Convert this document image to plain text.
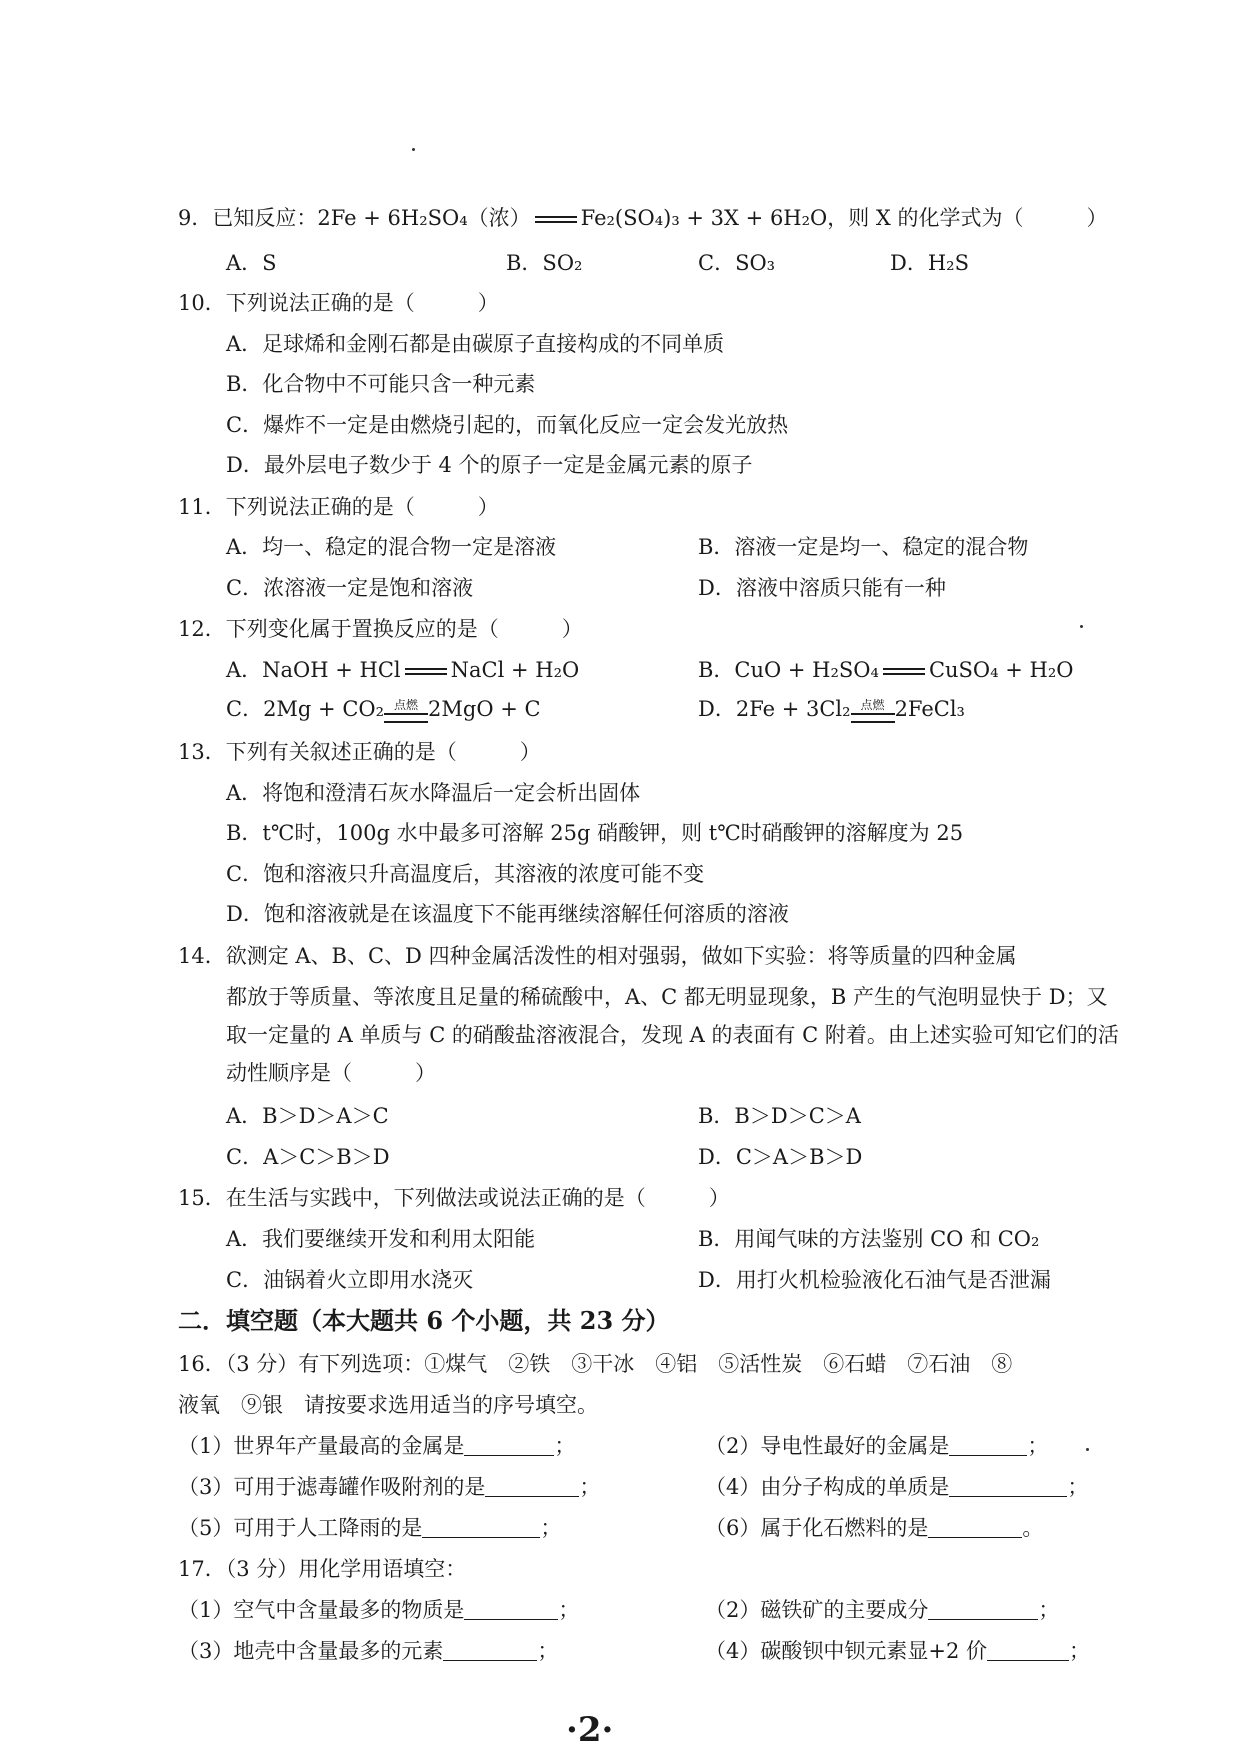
9．已知反应：2Fe + 6H₂SO₄（浓） Fe₂(SO₄)₃ + 3X + 6H₂O，则 X 的化学式为（　　　）
A．S	B．SO₂	C．SO₃	D．H₂S
10．下列说法正确的是（　　　）
A．足球烯和金刚石都是由碳原子直接构成的不同单质
B．化合物中不可能只含一种元素
C．爆炸不一定是由燃烧引起的，而氧化反应一定会发光放热
D．最外层电子数少于 4 个的原子一定是金属元素的原子
11．下列说法正确的是（　　　）
A．均一、稳定的混合物一定是溶液	B．溶液一定是均一、稳定的混合物
C．浓溶液一定是饱和溶液	D．溶液中溶质只能有一种
12．下列变化属于置换反应的是（　　　）
A．NaOH + HCl NaCl + H₂O	B．CuO + H₂SO₄ CuSO₄ + H₂O
C．2Mg + CO₂ 点燃 2MgO + C	D．2Fe + 3Cl₂ 点燃 2FeCl₃
13．下列有关叙述正确的是（　　　）
A．将饱和澄清石灰水降温后一定会析出固体
B．t℃时，100g 水中最多可溶解 25g 硝酸钾，则 t℃时硝酸钾的溶解度为 25
C．饱和溶液只升高温度后，其溶液的浓度可能不变
D．饱和溶液就是在该温度下不能再继续溶解任何溶质的溶液
14．欲测定 A、B、C、D 四种金属活泼性的相对强弱，做如下实验：将等质量的四种金属
都放于等质量、等浓度且足量的稀硫酸中，A、C 都无明显现象，B 产生的气泡明显快于 D；又取一定量的 A 单质与 C 的硝酸盐溶液混合，发现 A 的表面有 C 附着。由上述实验可知它们的活动性顺序是（　　　）
A．B＞D＞A＞C	B．B＞D＞C＞A
C．A＞C＞B＞D	D．C＞A＞B＞D
15．在生活与实践中，下列做法或说法正确的是（　　　）
A．我们要继续开发和利用太阳能	B．用闻气味的方法鉴别 CO 和 CO₂
C．油锅着火立即用水浇灭	D．用打火机检验液化石油气是否泄漏
二．填空题（本大题共 6 个小题，共 23 分）
16．（3 分）有下列选项：①煤气　②铁　③干冰　④铝　⑤活性炭　⑥石蜡　⑦石油　⑧
液氧　⑨银　请按要求选用适当的序号填空。
（1）世界年产量最高的金属是	；	（2）导电性最好的金属是	；
（3）可用于滤毒罐作吸附剂的是	；	（4）由分子构成的单质是	；
（5）可用于人工降雨的是	；	（6）属于化石燃料的是	。
17．（3 分）用化学用语填空：
（1）空气中含量最多的物质是	；	（2）磁铁矿的主要成分	；
（3）地壳中含量最多的元素	；	（4）碳酸钡中钡元素显+2 价	；
·2·
